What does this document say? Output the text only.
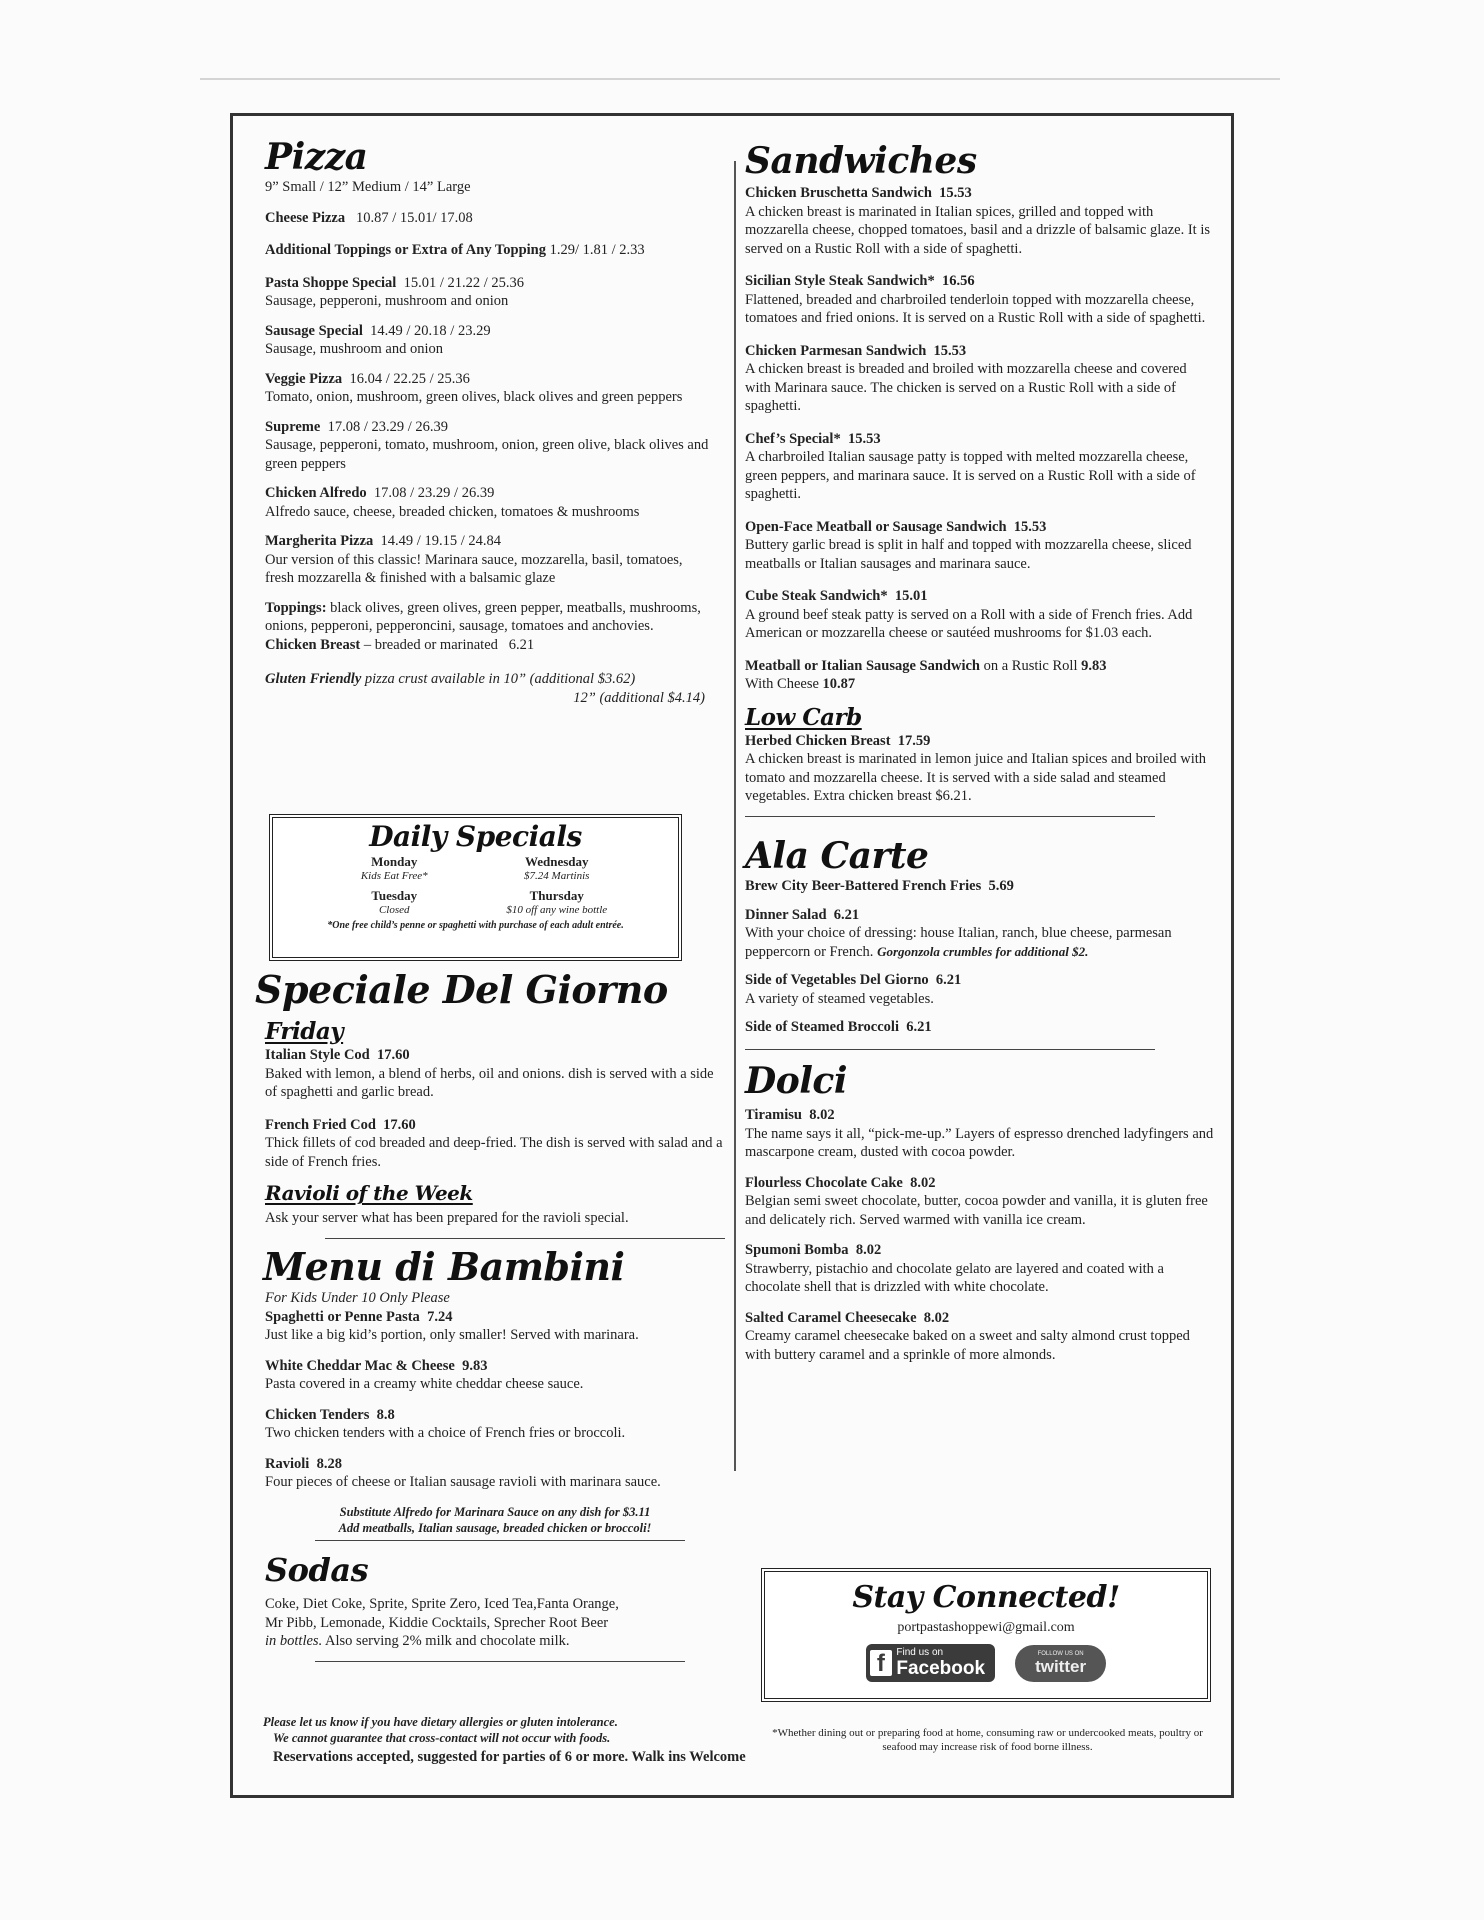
Pizza
9” Small / 12” Medium / 14” Large
Cheese Pizza 10.87 / 15.01/ 17.08
Additional Toppings or Extra of Any Topping 1.29/ 1.81 / 2.33
Pasta Shoppe Special 15.01 / 21.22 / 25.36
Sausage, pepperoni, mushroom and onion
Sausage Special 14.49 / 20.18 / 23.29
Sausage, mushroom and onion
Veggie Pizza 16.04 / 22.25 / 25.36
Tomato, onion, mushroom, green olives, black olives and green peppers
Supreme 17.08 / 23.29 / 26.39
Sausage, pepperoni, tomato, mushroom, onion, green olive, black olives and green peppers
Chicken Alfredo 17.08 / 23.29 / 26.39
Alfredo sauce, cheese, breaded chicken, tomatoes & mushrooms
Margherita Pizza 14.49 / 19.15 / 24.84
Our version of this classic! Marinara sauce, mozzarella, basil, tomatoes, fresh mozzarella & finished with a balsamic glaze
Toppings: black olives, green olives, green pepper, meatballs, mushrooms, onions, pepperoni, pepperoncini, sausage, tomatoes and anchovies.
Chicken Breast – breaded or marinated 6.21
Gluten Friendly pizza crust available in 10” (additional $3.62)
12” (additional $4.14)
Daily Specials
Monday
Kids Eat Free*
Wednesday
$7.24 Martinis
Tuesday
Closed
Thursday
$10 off any wine bottle
*One free child’s penne or spaghetti with purchase of each adult entrée.
Speciale Del Giorno
Friday
Italian Style Cod 17.60
Baked with lemon, a blend of herbs, oil and onions. dish is served with a side of spaghetti and garlic bread.
French Fried Cod 17.60
Thick fillets of cod breaded and deep-fried. The dish is served with salad and a side of French fries.
Ravioli of the Week
Ask your server what has been prepared for the ravioli special.
Menu di Bambini
For Kids Under 10 Only Please
Spaghetti or Penne Pasta 7.24
Just like a big kid’s portion, only smaller! Served with marinara.
White Cheddar Mac & Cheese 9.83
Pasta covered in a creamy white cheddar cheese sauce.
Chicken Tenders 8.8
Two chicken tenders with a choice of French fries or broccoli.
Ravioli 8.28
Four pieces of cheese or Italian sausage ravioli with marinara sauce.
Substitute Alfredo for Marinara Sauce on any dish for $3.11
Add meatballs, Italian sausage, breaded chicken or broccoli!
Sodas
Coke, Diet Coke, Sprite, Sprite Zero, Iced Tea,Fanta Orange,
Mr Pibb, Lemonade, Kiddie Cocktails, Sprecher Root Beer
in bottles. Also serving 2% milk and chocolate milk.
Please let us know if you have dietary allergies or gluten intolerance.
We cannot guarantee that cross-contact will not occur with foods.
Reservations accepted, suggested for parties of 6 or more. Walk ins Welcome
Sandwiches
Chicken Bruschetta Sandwich 15.53
A chicken breast is marinated in Italian spices, grilled and topped with mozzarella cheese, chopped tomatoes, basil and a drizzle of balsamic glaze. It is served on a Rustic Roll with a side of spaghetti.
Sicilian Style Steak Sandwich* 16.56
Flattened, breaded and charbroiled tenderloin topped with mozzarella cheese, tomatoes and fried onions. It is served on a Rustic Roll with a side of spaghetti.
Chicken Parmesan Sandwich 15.53
A chicken breast is breaded and broiled with mozzarella cheese and covered with Marinara sauce. The chicken is served on a Rustic Roll with a side of spaghetti.
Chef’s Special* 15.53
A charbroiled Italian sausage patty is topped with melted mozzarella cheese, green peppers, and marinara sauce. It is served on a Rustic Roll with a side of spaghetti.
Open-Face Meatball or Sausage Sandwich 15.53
Buttery garlic bread is split in half and topped with mozzarella cheese, sliced meatballs or Italian sausages and marinara sauce.
Cube Steak Sandwich* 15.01
A ground beef steak patty is served on a Roll with a side of French fries. Add American or mozzarella cheese or sautéed mushrooms for $1.03 each.
Meatball or Italian Sausage Sandwich on a Rustic Roll 9.83
With Cheese 10.87
Low Carb
Herbed Chicken Breast 17.59
A chicken breast is marinated in lemon juice and Italian spices and broiled with tomato and mozzarella cheese. It is served with a side salad and steamed vegetables. Extra chicken breast $6.21.
Ala Carte
Brew City Beer-Battered French Fries 5.69
Dinner Salad 6.21
With your choice of dressing: house Italian, ranch, blue cheese, parmesan peppercorn or French. Gorgonzola crumbles for additional $2.
Side of Vegetables Del Giorno 6.21
A variety of steamed vegetables.
Side of Steamed Broccoli 6.21
Dolci
Tiramisu 8.02
The name says it all, “pick-me-up.” Layers of espresso drenched ladyfingers and mascarpone cream, dusted with cocoa powder.
Flourless Chocolate Cake 8.02
Belgian semi sweet chocolate, butter, cocoa powder and vanilla, it is gluten free and delicately rich. Served warmed with vanilla ice cream.
Spumoni Bomba 8.02
Strawberry, pistachio and chocolate gelato are layered and coated with a chocolate shell that is drizzled with white chocolate.
Salted Caramel Cheesecake 8.02
Creamy caramel cheesecake baked on a sweet and salty almond crust topped with buttery caramel and a sprinkle of more almonds.
Stay Connected!
portpastashoppewi@gmail.com
f Find us on
Facebook
FOLLOW US ON
twitter
*Whether dining out or preparing food at home, consuming raw or undercooked meats, poultry or seafood may increase risk of food borne illness.
